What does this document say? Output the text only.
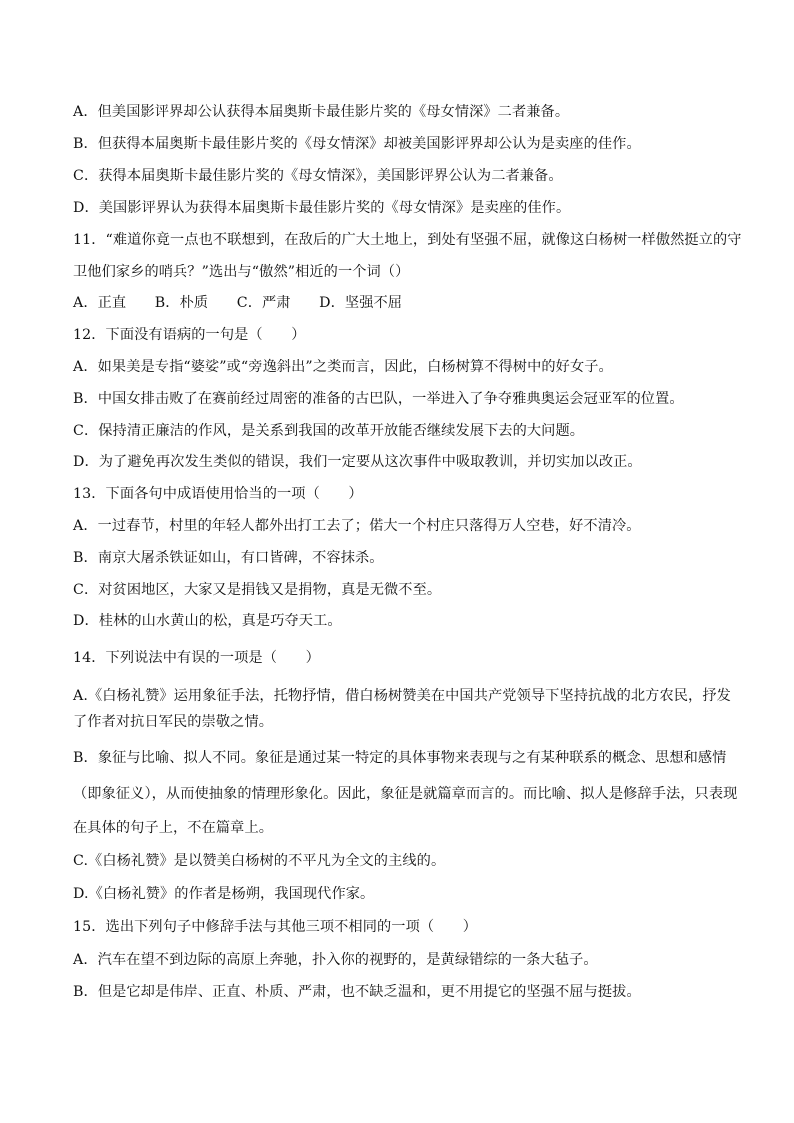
A．但美国影评界却公认获得本届奥斯卡最佳影片奖的《母女情深》二者兼备。
B．但获得本届奥斯卡最佳影片奖的《母女情深》却被美国影评界却公认为是卖座的佳作。
C．获得本届奥斯卡最佳影片奖的《母女情深》，美国影评界公认为二者兼备。
D．美国影评界认为获得本届奥斯卡最佳影片奖的《母女情深》是卖座的佳作。
11．“难道你竟一点也不联想到，在敌后的广大土地上，到处有坚强不屈，就像这白杨树一样傲然挺立的守
卫他们家乡的哨兵？”选出与“傲然”相近的一个词（）
A．正直　　B．朴质　　C．严肃　　D．坚强不屈
12．下面没有语病的一句是（　　）
A．如果美是专指“婆娑”或“旁逸斜出”之类而言，因此，白杨树算不得树中的好女子。
B．中国女排击败了在赛前经过周密的准备的古巴队，一举进入了争夺雅典奥运会冠亚军的位置。
C．保持清正廉洁的作风，是关系到我国的改革开放能否继续发展下去的大问题。
D．为了避免再次发生类似的错误，我们一定要从这次事件中吸取教训，并切实加以改正。
13．下面各句中成语使用恰当的一项（　　）
A．一过春节，村里的年轻人都外出打工去了；偌大一个村庄只落得万人空巷，好不清冷。
B．南京大屠杀铁证如山，有口皆碑，不容抹杀。
C．对贫困地区，大家又是捐钱又是捐物，真是无微不至。
D．桂林的山水黄山的松，真是巧夺天工。
14．下列说法中有误的一项是（　　）
A.《白杨礼赞》运用象征手法，托物抒情，借白杨树赞美在中国共产党领导下坚持抗战的北方农民，抒发
了作者对抗日军民的崇敬之情。
B．象征与比喻、拟人不同。象征是通过某一特定的具体事物来表现与之有某种联系的概念、思想和感情
（即象征义），从而使抽象的情理形象化。因此，象征是就篇章而言的。而比喻、拟人是修辞手法，只表现
在具体的句子上，不在篇章上。
C.《白杨礼赞》是以赞美白杨树的不平凡为全文的主线的。
D.《白杨礼赞》的作者是杨朔，我国现代作家。
15．选出下列句子中修辞手法与其他三项不相同的一项（　　）
A．汽车在望不到边际的高原上奔驰，扑入你的视野的，是黄绿错综的一条大毡子。
B．但是它却是伟岸、正直、朴质、严肃，也不缺乏温和，更不用提它的坚强不屈与挺拔。
